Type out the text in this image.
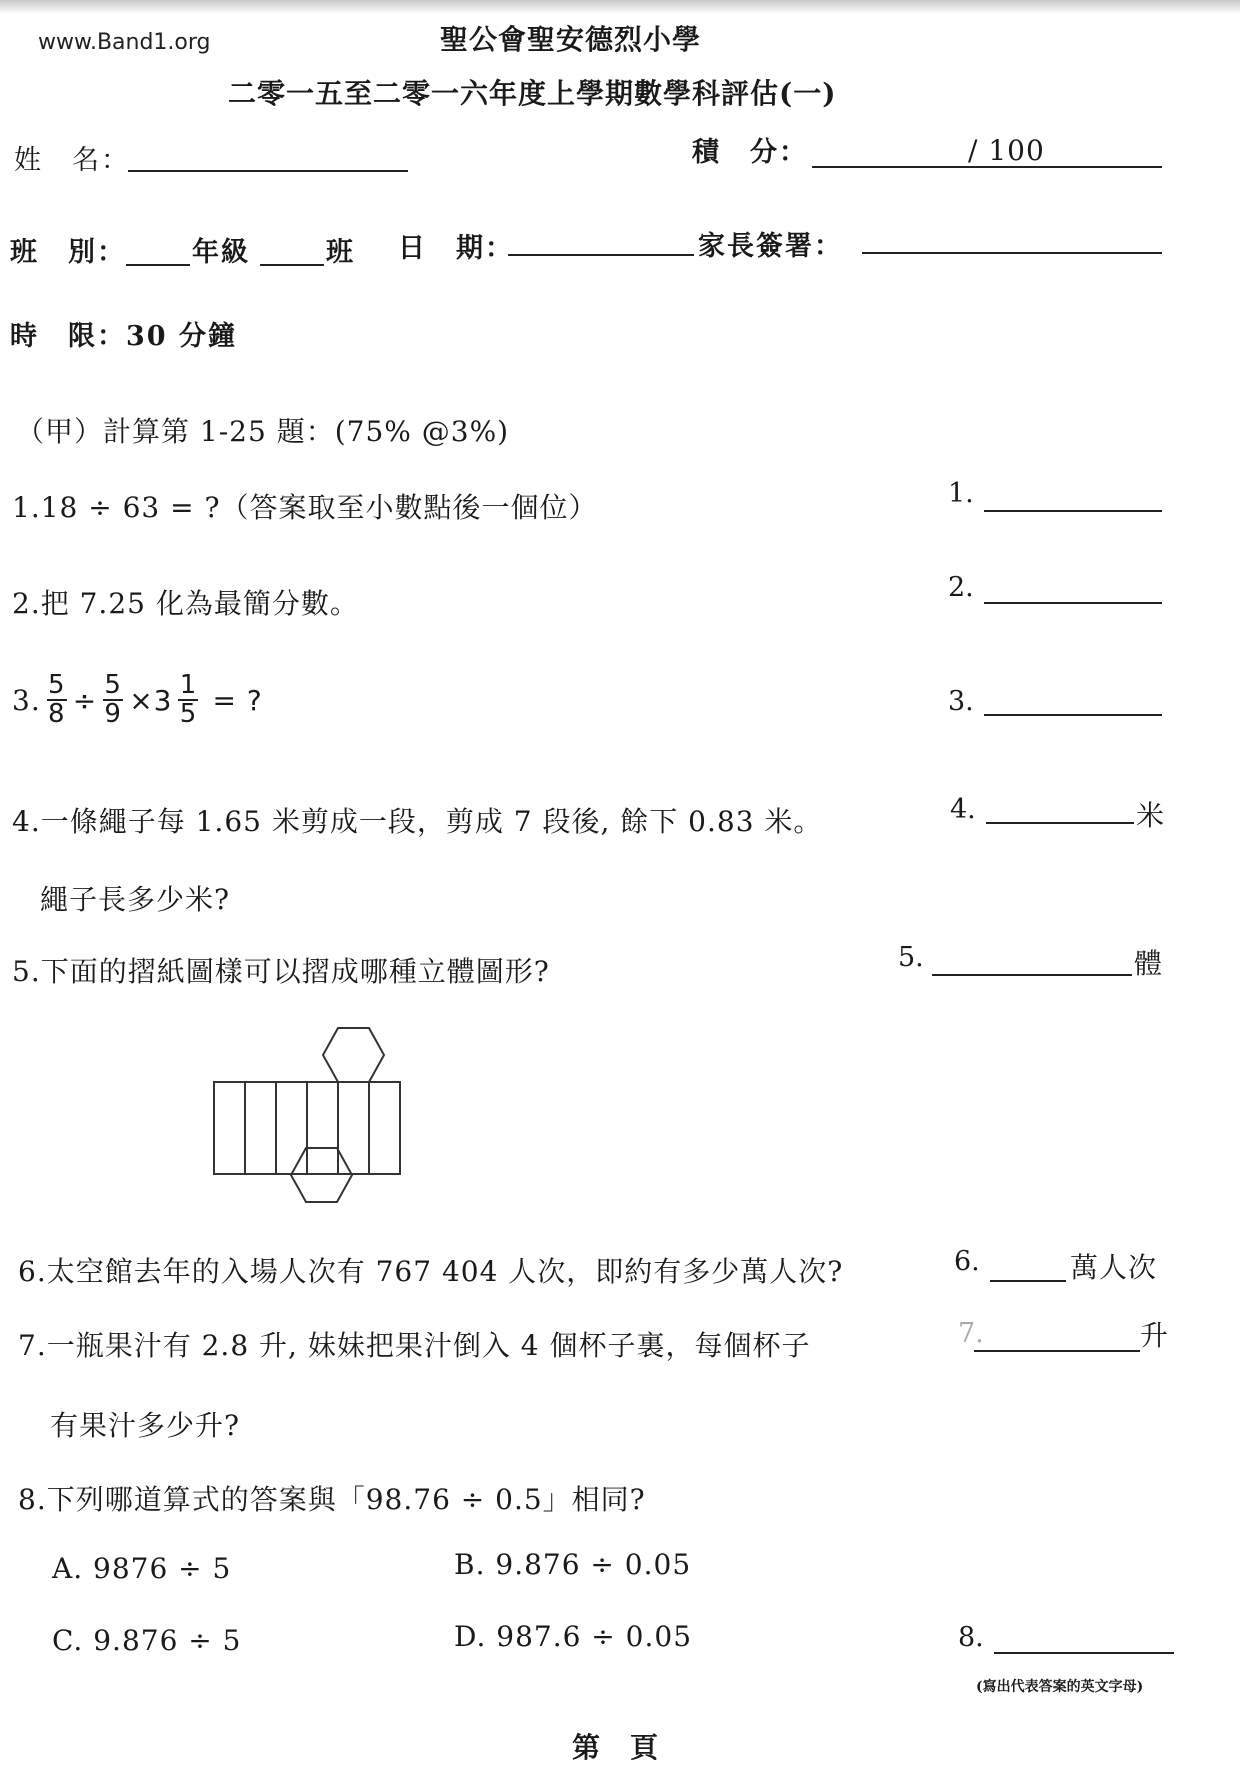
www.Band1.org	聖公會聖安德烈小學
二零一五至二零一六年度上學期數學科評估(一)
姓　名：	積　分：	/ 100
班　別： 年級	班 日　期：	家長簽署：
時　限：30 分鐘
（甲）計算第 1-25 題：(75% @3%)
1.18 ÷ 63 = ?（答案取至小數點後一個位）	1.
2.把 7.25 化為最簡分數。	2.
3. $\frac{5}{8} \div \frac{5}{9} \times 3 \frac{1}{5}$ = ?	3.
4.一條繩子每 1.65 米剪成一段，剪成 7 段後, 餘下 0.83 米。
繩子長多少米?
4.	米
5.下面的摺紙圖樣可以摺成哪種立體圖形?	5.	體
6.太空館去年的入場人次有 767 404 人次，即約有多少萬人次?	6.	萬人次
7.一瓶果汁有 2.8 升, 妹妹把果汁倒入 4 個杯子裏，每個杯子
有果汁多少升?
7.	升
8.下列哪道算式的答案與「98.76 ÷ 0.5」相同?
A. 9876 ÷ 5	B. 9.876 ÷ 0.05
C. 9.876 ÷ 5	D. 987.6 ÷ 0.05	8.
(寫出代表答案的英文字母)
第　頁
